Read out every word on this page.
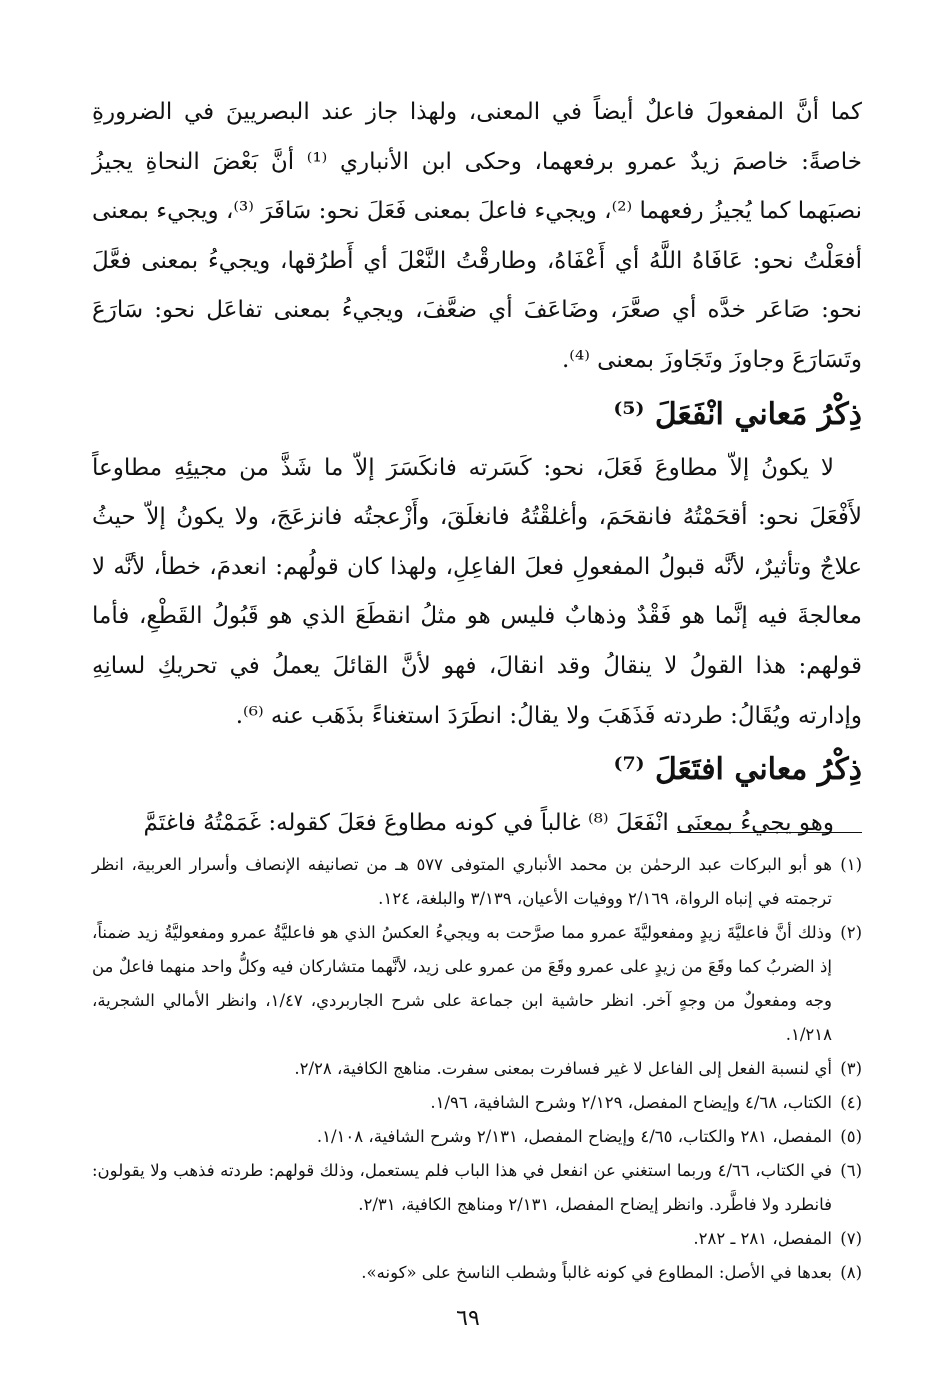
كما أنَّ المفعولَ فاعلٌ أيضاً في المعنى، ولهذا جاز عند البصريينَ في الضرورةِ خاصةً: خاصمَ زيدٌ عمرو برفعهما، وحكى ابن الأنباري ⁽¹⁾ أنَّ بَعْضَ النحاةِ يجيزُ نصبَهما كما يُجيزُ رفعهما ⁽²⁾، ويجيء فاعلَ بمعنى فَعَلَ نحو: سَافَرَ ⁽³⁾، ويجيء بمعنى أفعَلْتُ نحو: عَافَاهُ اللَّهُ أي أَعْفَاهُ، وطارقْتُ النَّعْلَ أي أَطرُقها، ويجيءُ بمعنى فعَّلَ نحو: صَاعَر خدَّه أي صعَّرَ، وضَاعَفَ أي ضعَّفَ، ويجيءُ بمعنى تفاعَل نحو: سَارَعَ وتَسَارَعَ وجاوزَ وتَجَاوزَ بمعنى ⁽⁴⁾.

ذِكْرُ مَعاني انْفَعَلَ ⁽⁵⁾

لا يكونُ إلاّ مطاوعَ فَعَلَ، نحو: كَسَرته فانكَسَرَ إلاّ ما شَذَّ من مجيئِهِ مطاوعاً لأَفْعَلَ نحو: أقحَمْتُهُ فانقحَمَ، وأغلقْتُهُ فانغلَقَ، وأَزْعجتُه فانزعَجَ، ولا يكونُ إلاّ حيثُ علاجٌ وتأثيرٌ، لأنَّه قبولُ المفعولِ فعلَ الفاعِلِ، ولهذا كان قولُهم: انعدمَ، خطأ، لأنَّه لا معالجةَ فيه إنَّما هو فَقْدٌ وذهابٌ فليس هو مثلُ انقطَعَ الذي هو قَبُولُ القَطْعِ، فأما قولهم: هذا القولُ لا ينقالُ وقد انقالَ، فهو لأنَّ القائلَ يعملُ في تحريكِ لسانِهِ وإدارته ويُقَالُ: طردته فَذَهَبَ ولا يقالُ: انطَرَدَ استغناءً بذَهَب عنه ⁽⁶⁾.

ذِكْرُ معاني افتَعَلَ ⁽⁷⁾

وهو يجيءُ بمعنَى انْفَعَلَ ⁽⁸⁾ غالباً في كونه مطاوعَ فعَلَ كقوله: غَمَمْتُهُ فاغتَمَّ

(١)
هو أبو البركات عبد الرحمٰن بن محمد الأنباري المتوفى ٥٧٧ هـ من تصانيفه الإنصاف وأسرار العربية، انظر ترجمته في إنباه الرواة، ٢/١٦٩ ووفيات الأعيان، ٣/١٣٩ والبلغة، ١٢٤.
(٢)
وذلك أنَّ فاعليَّةَ زيدٍ ومفعوليَّةَ عمرو مما صرَّحت به ويجيءُ العكسُ الذي هو فاعليَّةُ عمرو ومفعوليَّةُ زيد ضمناً، إذ الضربُ كما وقَعَ من زيدٍ على عمرو وقَعَ من عمرو على زيد، لأنَّهما متشاركان فيه وكلُّ واحد منهما فاعلٌ من وجه ومفعولٌ من وجهٍ آخر. انظر حاشية ابن جماعة على شرح الجاربردي، ١/٤٧، وانظر الأمالي الشجرية، ١/٢١٨.
(٣)
أي لنسبة الفعل إلى الفاعل لا غير فسافرت بمعنى سفرت. مناهج الكافية، ٢/٢٨.
(٤)
الكتاب، ٤/٦٨ وإيضاح المفصل، ٢/١٢٩ وشرح الشافية، ١/٩٦.
(٥)
المفصل، ٢٨١ والكتاب، ٤/٦٥ وإيضاح المفصل، ٢/١٣١ وشرح الشافية، ١/١٠٨.
(٦)
في الكتاب، ٤/٦٦ وربما استغني عن انفعل في هذا الباب فلم يستعمل، وذلك قولهم: طردته فذهب ولا يقولون: فانطرد ولا فاطَّرد. وانظر إيضاح المفصل، ٢/١٣١ ومناهج الكافية، ٢/٣١.
(٧)
المفصل، ٢٨١ ـ ٢٨٢.
(٨)
بعدها في الأصل: المطاوع في كونه غالباً وشطب الناسخ على «كونه».
٦٩
